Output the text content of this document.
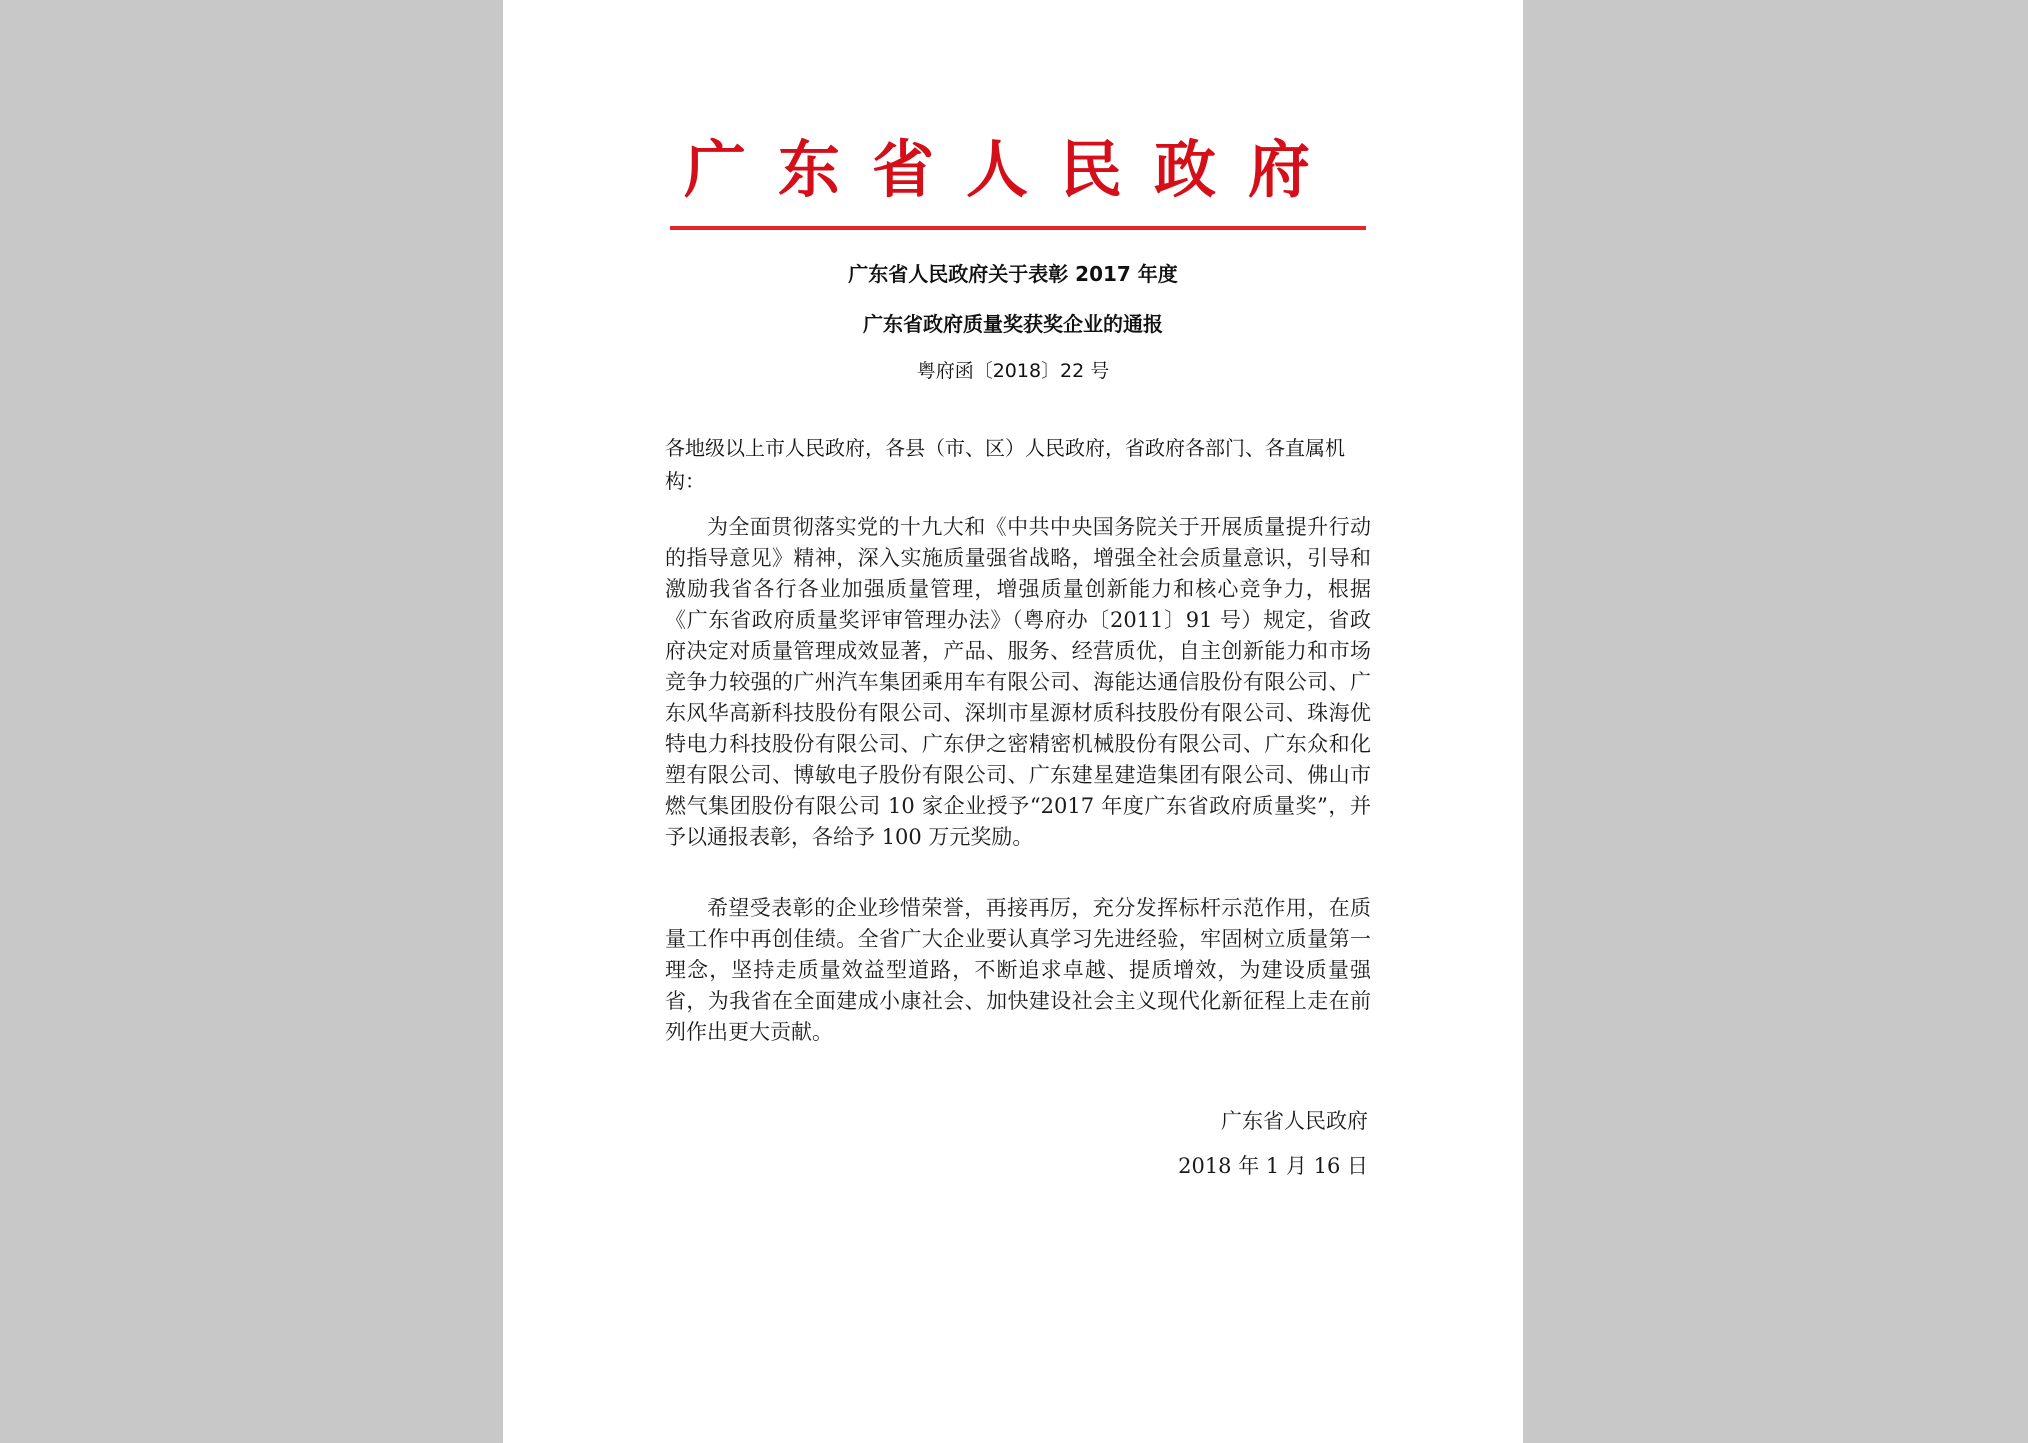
广东省人民政府
广东省人民政府关于表彰 2017 年度
广东省政府质量奖获奖企业的通报
粤府函〔2018〕22 号
各地级以上市人民政府，各县（市、区）人民政府，省政府各部门、各直属机构：

为全面贯彻落实党的十九大和《中共中央国务院关于开展质量提升行动的指导意见》精神，深入实施质量强省战略，增强全社会质量意识，引导和激励我省各行各业加强质量管理，增强质量创新能力和核心竞争力，根据《广东省政府质量奖评审管理办法》（粤府办〔2011〕91 号）规定，省政府决定对质量管理成效显著，产品、服务、经营质优，自主创新能力和市场竞争力较强的广州汽车集团乘用车有限公司、海能达通信股份有限公司、广东风华高新科技股份有限公司、深圳市星源材质科技股份有限公司、珠海优特电力科技股份有限公司、广东伊之密精密机械股份有限公司、广东众和化塑有限公司、博敏电子股份有限公司、广东建星建造集团有限公司、佛山市燃气集团股份有限公司 10 家企业授予“2017 年度广东省政府质量奖”，并予以通报表彰，各给予 100 万元奖励。

希望受表彰的企业珍惜荣誉，再接再厉，充分发挥标杆示范作用，在质量工作中再创佳绩。全省广大企业要认真学习先进经验，牢固树立质量第一理念，坚持走质量效益型道路，不断追求卓越、提质增效，为建设质量强省，为我省在全面建成小康社会、加快建设社会主义现代化新征程上走在前列作出更大贡献。

广东省人民政府
2018 年 1 月 16 日
